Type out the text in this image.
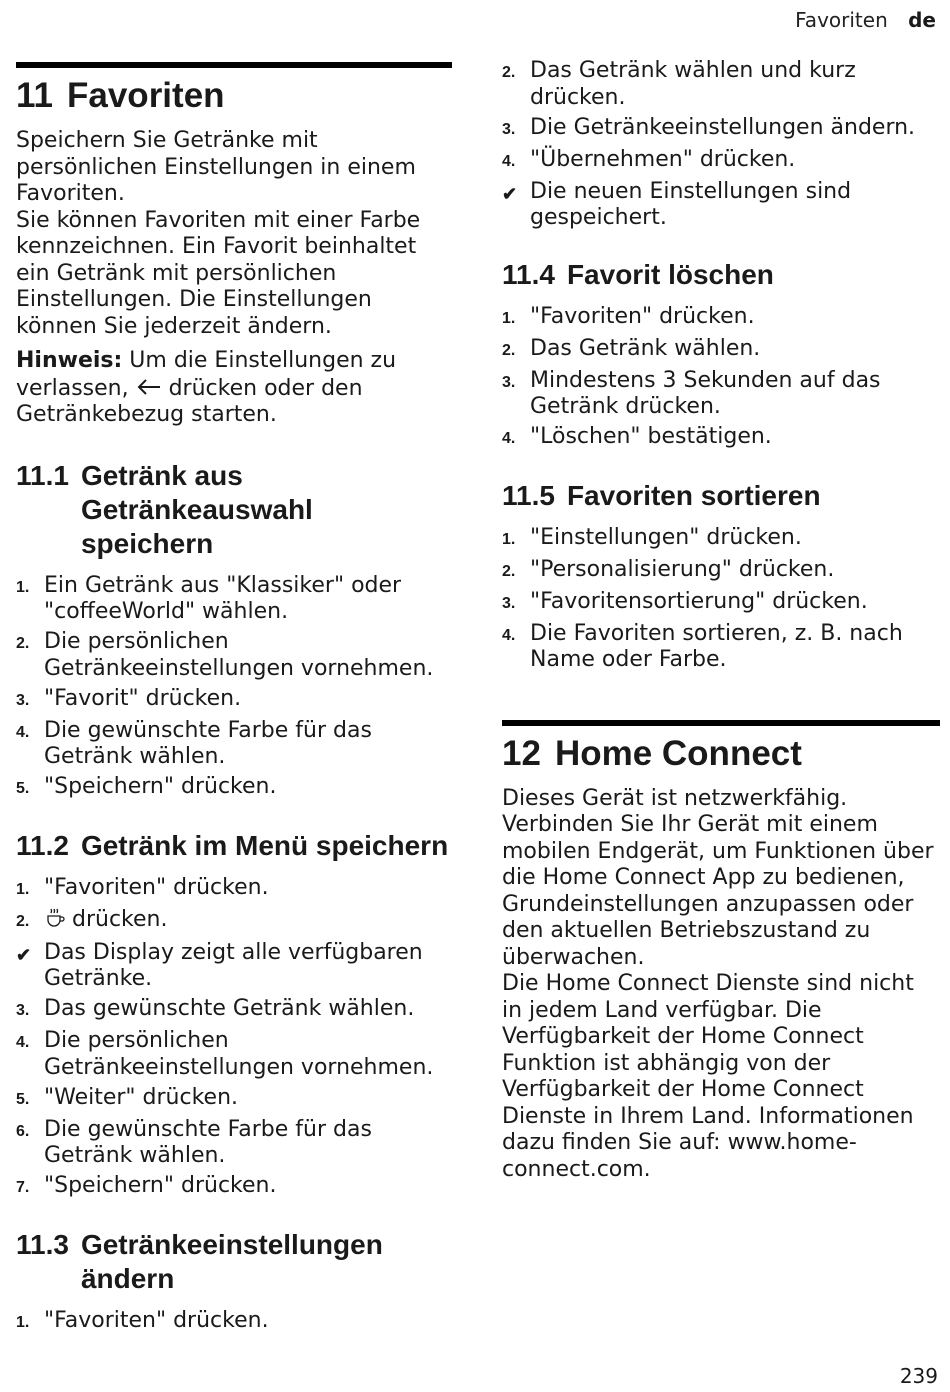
Favoriten de
11 Favoriten

Speichern Sie Getränke mit persönlichen Einstellungen in einem Favoriten.

Sie können Favoriten mit einer Farbe kennzeichnen. Ein Favorit beinhaltet ein Getränk mit persönlichen Einstellungen. Die Einstellungen können Sie jederzeit ändern.

Hinweis: Um die Einstellungen zu verlassen, drücken oder den Getränkebezug starten.

11.1 Getränk aus Getränkeauswahl speichern
1. Ein Getränk aus "Klassiker" oder "coffeeWorld" wählen.
2. Die persönlichen Getränkeeinstellungen vornehmen.
3. "Favorit" drücken.
4. Die gewünschte Farbe für das Getränk wählen.
5. "Speichern" drücken.
11.2 Getränk im Menü speichern
1. "Favoriten" drücken.
2.	drücken.
✔ Das Display zeigt alle verfügbaren Getränke.
3. Das gewünschte Getränk wählen.
4. Die persönlichen Getränkeeinstellungen vornehmen.
5. "Weiter" drücken.
6. Die gewünschte Farbe für das Getränk wählen.
7. "Speichern" drücken.
11.3 Getränkeeinstellungen ändern
1. "Favoriten" drücken.
2. Das Getränk wählen und kurz drücken.
3. Die Getränkeeinstellungen ändern.
4. "Übernehmen" drücken.
✔ Die neuen Einstellungen sind gespeichert.
11.4 Favorit löschen
1. "Favoriten" drücken.
2. Das Getränk wählen.
3. Mindestens 3 Sekunden auf das Getränk drücken.
4. "Löschen" bestätigen.
11.5 Favoriten sortieren
1. "Einstellungen" drücken.
2. "Personalisierung" drücken.
3. "Favoritensortierung" drücken.
4. Die Favoriten sortieren, z. B. nach Name oder Farbe.
12 Home Connect

Dieses Gerät ist netzwerkfähig. Verbinden Sie Ihr Gerät mit einem mobilen Endgerät, um Funktionen über die Home Connect App zu bedienen, Grundeinstellungen anzupassen oder den aktuellen Betriebszustand zu überwachen.

Die Home Connect Dienste sind nicht in jedem Land verfügbar. Die Verfügbarkeit der Home Connect Funktion ist abhängig von der Verfügbarkeit der Home Connect Dienste in Ihrem Land. Informationen dazu finden Sie auf: www.home-connect.com.

239
